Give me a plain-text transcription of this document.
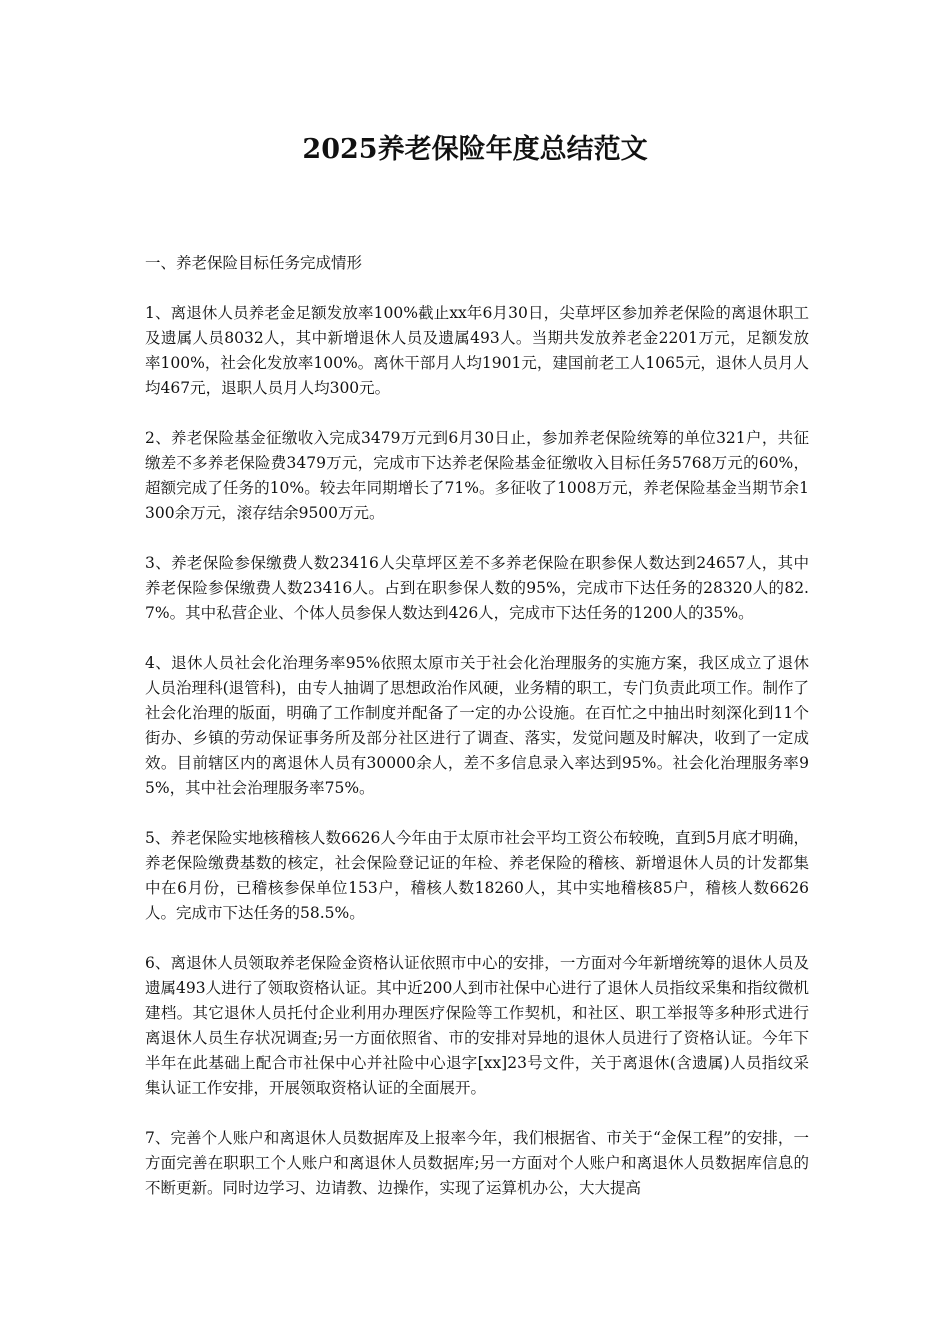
2025养老保险年度总结范文

一、养老保险目标任务完成情形

1、离退休人员养老金足额发放率100%截止xx年6月30日，尖草坪区参加养老保险的离退休职工及遗属人员8032人，其中新增退休人员及遗属493人。当期共发放养老金2201万元，足额发放率100%，社会化发放率100%。离休干部月人均1901元，建国前老工人1065元，退休人员月人均467元，退职人员月人均300元。

2、养老保险基金征缴收入完成3479万元到6月30日止，参加养老保险统筹的单位321户，共征缴差不多养老保险费3479万元，完成市下达养老保险基金征缴收入目标任务5768万元的60%，超额完成了任务的10%。较去年同期增长了71%。多征收了1008万元，养老保险基金当期节余1300余万元，滚存结余9500万元。

3、养老保险参保缴费人数23416人尖草坪区差不多养老保险在职参保人数达到24657人，其中养老保险参保缴费人数23416人。占到在职参保人数的95%，完成市下达任务的28320人的82.7%。其中私营企业、个体人员参保人数达到426人，完成市下达任务的1200人的35%。

4、退休人员社会化治理务率95%依照太原市关于社会化治理服务的实施方案，我区成立了退休人员治理科(退管科)，由专人抽调了思想政治作风硬，业务精的职工，专门负责此项工作。制作了社会化治理的版面，明确了工作制度并配备了一定的办公设施。在百忙之中抽出时刻深化到11个街办、乡镇的劳动保证事务所及部分社区进行了调查、落实，发觉问题及时解决，收到了一定成效。目前辖区内的离退休人员有30000余人，差不多信息录入率达到95%。社会化治理服务率95%，其中社会治理服务率75%。

5、养老保险实地核稽核人数6626人今年由于太原市社会平均工资公布较晚，直到5月底才明确，养老保险缴费基数的核定，社会保险登记证的年检、养老保险的稽核、新增退休人员的计发都集中在6月份，已稽核参保单位153户，稽核人数18260人，其中实地稽核85户，稽核人数6626人。完成市下达任务的58.5%。

6、离退休人员领取养老保险金资格认证依照市中心的安排，一方面对今年新增统筹的退休人员及遗属493人进行了领取资格认证。其中近200人到市社保中心进行了退休人员指纹采集和指纹微机建档。其它退休人员托付企业利用办理医疗保险等工作契机，和社区、职工举报等多种形式进行离退休人员生存状况调查;另一方面依照省、市的安排对异地的退休人员进行了资格认证。今年下半年在此基础上配合市社保中心并社险中心退字[xx]23号文件，关于离退休(含遗属)人员指纹采集认证工作安排，开展领取资格认证的全面展开。

7、完善个人账户和离退休人员数据库及上报率今年，我们根据省、市关于“金保工程”的安排，一方面完善在职职工个人账户和离退休人员数据库;另一方面对个人账户和离退休人员数据库信息的不断更新。同时边学习、边请教、边操作，实现了运算机办公，大大提高
